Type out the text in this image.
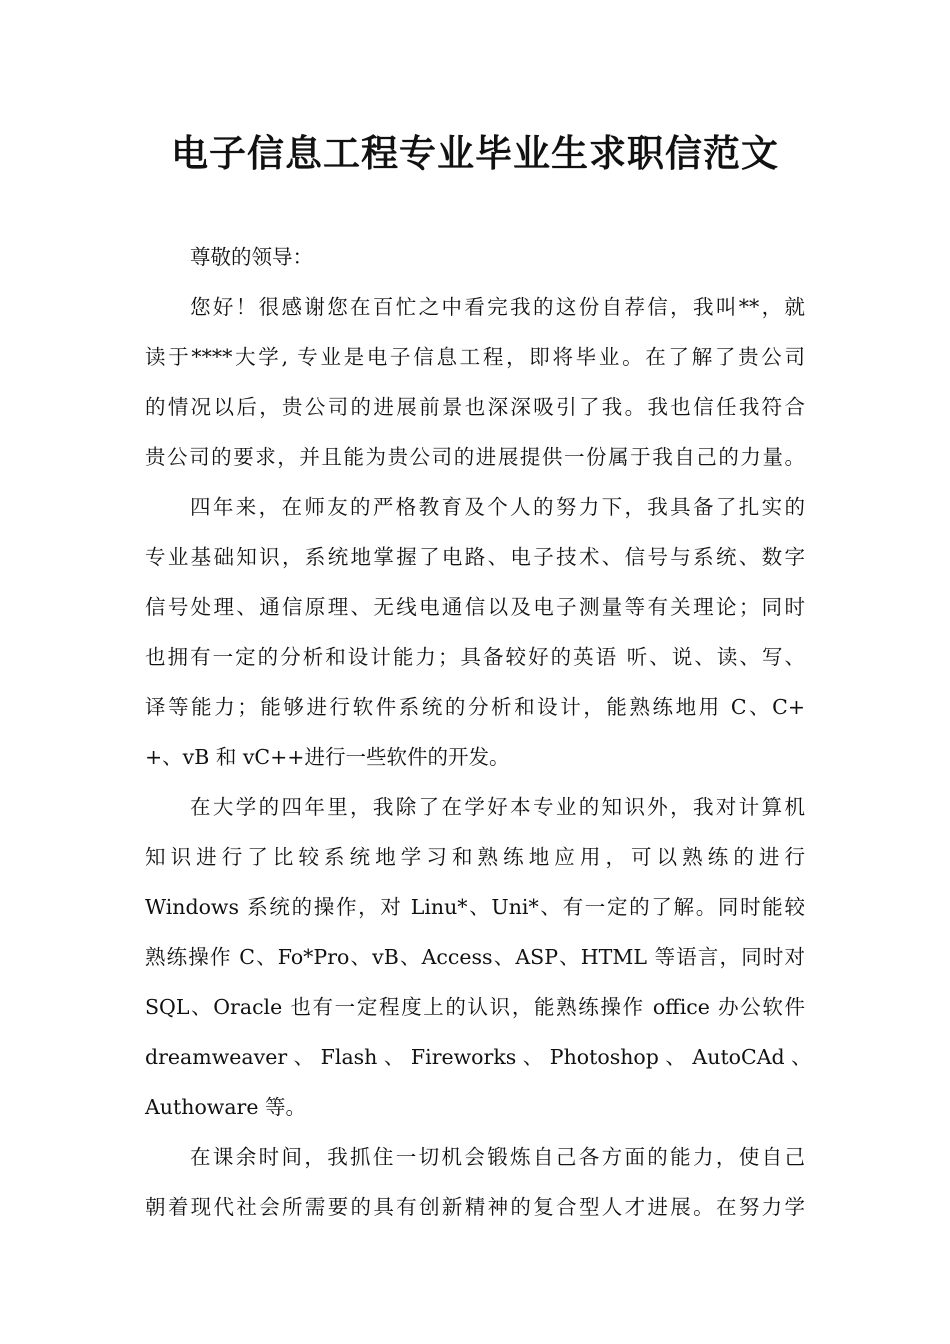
电子信息工程专业毕业生求职信范文
尊敬的领导：
您好！很感谢您在百忙之中看完我的这份自荐信，我叫**，就
读于****大学, 专业是电子信息工程，即将毕业。在了解了贵公司
的情况以后，贵公司的进展前景也深深吸引了我。我也信任我符合
贵公司的要求，并且能为贵公司的进展提供一份属于我自己的力量。
四年来，在师友的严格教育及个人的努力下，我具备了扎实的
专业基础知识，系统地掌握了电路、电子技术、信号与系统、数字
信号处理、通信原理、无线电通信以及电子测量等有关理论；同时
也拥有一定的分析和设计能力；具备较好的英语 听、说、读、写、
译等能力；能够进行软件系统的分析和设计，能熟练地用 C、C+
+、vB 和 vC++进行一些软件的开发。
在大学的四年里，我除了在学好本专业的知识外，我对计算机
知识进行了比较系统地学习和熟练地应用，可以熟练的进行
Windows 系统的操作，对 Linu*、Uni*、有一定的了解。同时能较
熟练操作 C、Fo*Pro、vB、Access、ASP、HTML 等语言，同时对
SQL、Oracle 也有一定程度上的认识，能熟练操作 office 办公软件
dreamweaver 、 Flash 、 Fireworks 、 Photoshop 、 AutoCAd 、
Authoware 等。
在课余时间，我抓住一切机会锻炼自己各方面的能力，使自己
朝着现代社会所需要的具有创新精神的复合型人才进展。在努力学
